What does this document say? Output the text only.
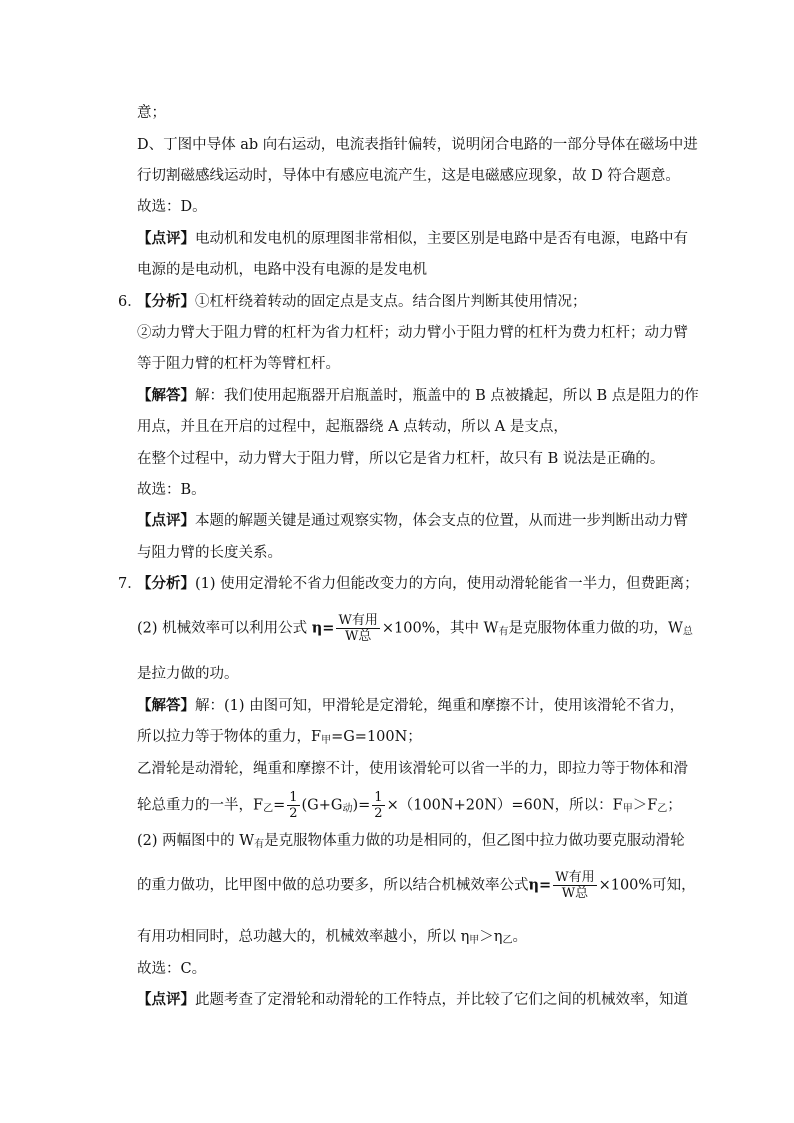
意；
D、丁图中导体 ab 向右运动，电流表指针偏转，说明闭合电路的一部分导体在磁场中进
行切割磁感线运动时，导体中有感应电流产生，这是电磁感应现象，故 D 符合题意。
故选：D。
【点评】电动机和发电机的原理图非常相似，主要区别是电路中是否有电源，电路中有
电源的是电动机，电路中没有电源的是发电机
6．
【分析】①杠杆绕着转动的固定点是支点。结合图片判断其使用情况；
②动力臂大于阻力臂的杠杆为省力杠杆；动力臂小于阻力臂的杠杆为费力杠杆；动力臂
等于阻力臂的杠杆为等臂杠杆。
【解答】解：我们使用起瓶器开启瓶盖时，瓶盖中的 B 点被撬起，所以 B 点是阻力的作
用点，并且在开启的过程中，起瓶器绕 A 点转动，所以 A 是支点，
在整个过程中，动力臂大于阻力臂，所以它是省力杠杆，故只有 B 说法是正确的。
故选：B。
【点评】本题的解题关键是通过观察实物，体会支点的位置，从而进一步判断出动力臂
与阻力臂的长度关系。
7．
【分析】(1) 使用定滑轮不省力但能改变力的方向，使用动滑轮能省一半力，但费距离；
(2) 机械效率可以利用公式 $\eta= \frac{\text{W有用}}{\text{W总}} \times 100\%$，其中 $W_有$是克服物体重力做的功，$W_总$
是拉力做的功。
【解答】解：(1) 由图可知，甲滑轮是定滑轮，绳重和摩擦不计，使用该滑轮不省力，
所以拉力等于物体的重力，$F_甲=G=100N$；
乙滑轮是动滑轮，绳重和摩擦不计，使用该滑轮可以省一半的力，即拉力等于物体和滑
轮总重力的一半，$F_乙= \frac{1}{2} (G+G_动)= \frac{1}{2} \times(100N+20N)=60N$，所以：$F_甲>F_乙$；
(2) 两幅图中的 $W_有$是克服物体重力做的功是相同的，但乙图中拉力做功要克服动滑轮
的重力做功，比甲图中做的总功要多，所以结合机械效率公式$\eta= \frac{\text{W有用}}{\text{W总}} \times 100\%$可知，
有用功相同时，总功越大的，机械效率越小，所以 $\eta_甲>\eta_乙$。
故选：C。
【点评】此题考查了定滑轮和动滑轮的工作特点，并比较了它们之间的机械效率，知道
